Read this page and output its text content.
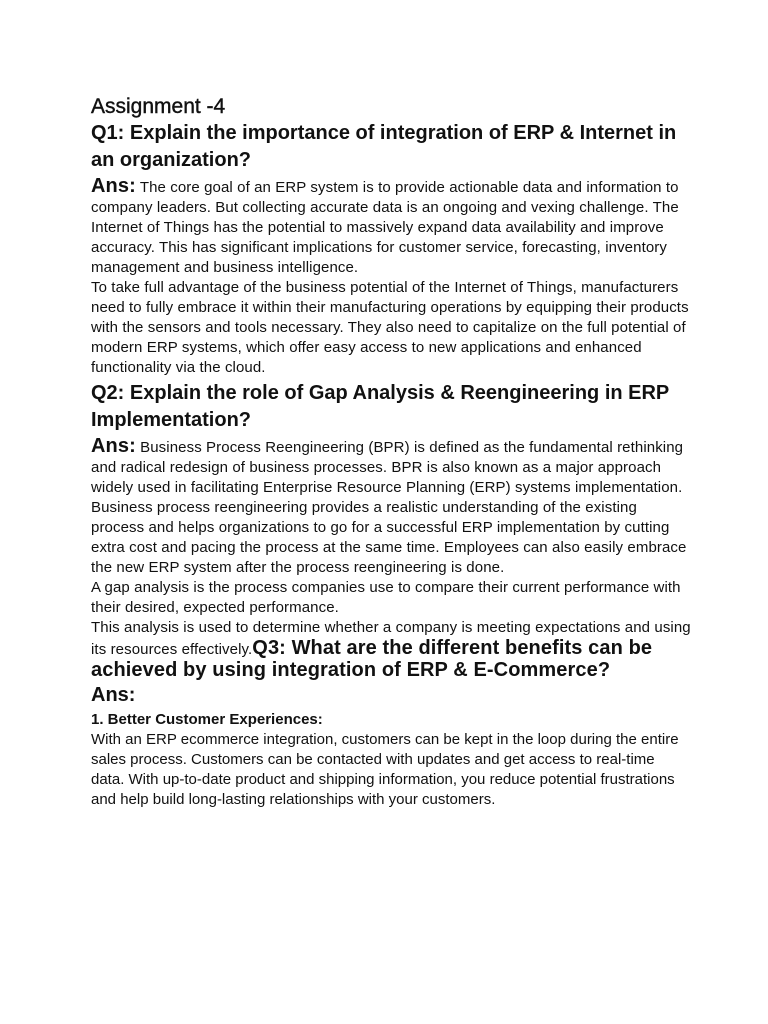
Assignment -4
Q1: Explain the importance of integration of ERP & Internet in an organization?

Ans: The core goal of an ERP system is to provide actionable data and information to company leaders. But collecting accurate data is an ongoing and vexing challenge. The Internet of Things has the potential to massively expand data availability and improve accuracy. This has significant implications for customer service, forecasting, inventory management and business intelligence.

To take full advantage of the business potential of the Internet of Things, manufacturers need to fully embrace it within their manufacturing operations by equipping their products with the sensors and tools necessary. They also need to capitalize on the full potential of modern ERP systems, which offer easy access to new applications and enhanced functionality via the cloud.

Q2: Explain the role of Gap Analysis & Reengineering in ERP Implementation?

Ans: Business Process Reengineering (BPR) is defined as the fundamental rethinking and radical redesign of business processes. BPR is also known as a major approach widely used in facilitating Enterprise Resource Planning (ERP) systems implementation.

Business process reengineering provides a realistic understanding of the existing process and helps organizations to go for a successful ERP implementation by cutting extra cost and pacing the process at the same time. Employees can also easily embrace the new ERP system after the process reengineering is done.

A gap analysis is the process companies use to compare their current performance with their desired, expected performance.

This analysis is used to determine whether a company is meeting expectations and using its resources effectively.Q3: What are the different benefits can be achieved by using integration of ERP & E-Commerce?

Ans:

1. Better Customer Experiences:

With an ERP ecommerce integration, customers can be kept in the loop during the entire sales process. Customers can be contacted with updates and get access to real-time data. With up-to-date product and shipping information, you reduce potential frustrations and help build long-lasting relationships with your customers.
